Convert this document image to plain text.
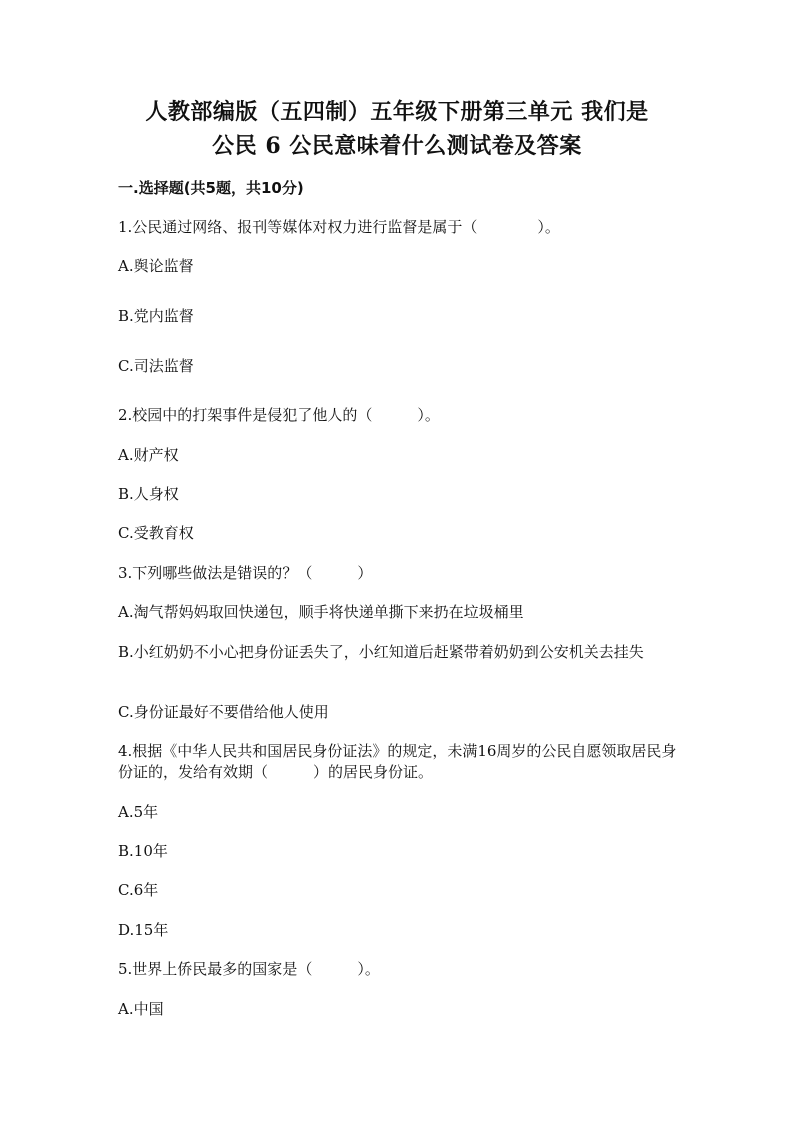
人教部编版（五四制）五年级下册第三单元 我们是
公民 6 公民意味着什么测试卷及答案
一.选择题(共5题，共10分)
1.公民通过网络、报刊等媒体对权力进行监督是属于（　　　　）。
A.舆论监督
B.党内监督
C.司法监督
2.校园中的打架事件是侵犯了他人的（　　　）。
A.财产权
B.人身权
C.受教育权
3.下列哪些做法是错误的？（　　　）
A.淘气帮妈妈取回快递包，顺手将快递单撕下来扔在垃圾桶里
B.小红奶奶不小心把身份证丢失了，小红知道后赶紧带着奶奶到公安机关去挂失
C.身份证最好不要借给他人使用
4.根据《中华人民共和国居民身份证法》的规定，未满16周岁的公民自愿领取居民身份证的，发给有效期（　　　）的居民身份证。
A.5年
B.10年
C.6年
D.15年
5.世界上侨民最多的国家是（　　　）。
A.中国
